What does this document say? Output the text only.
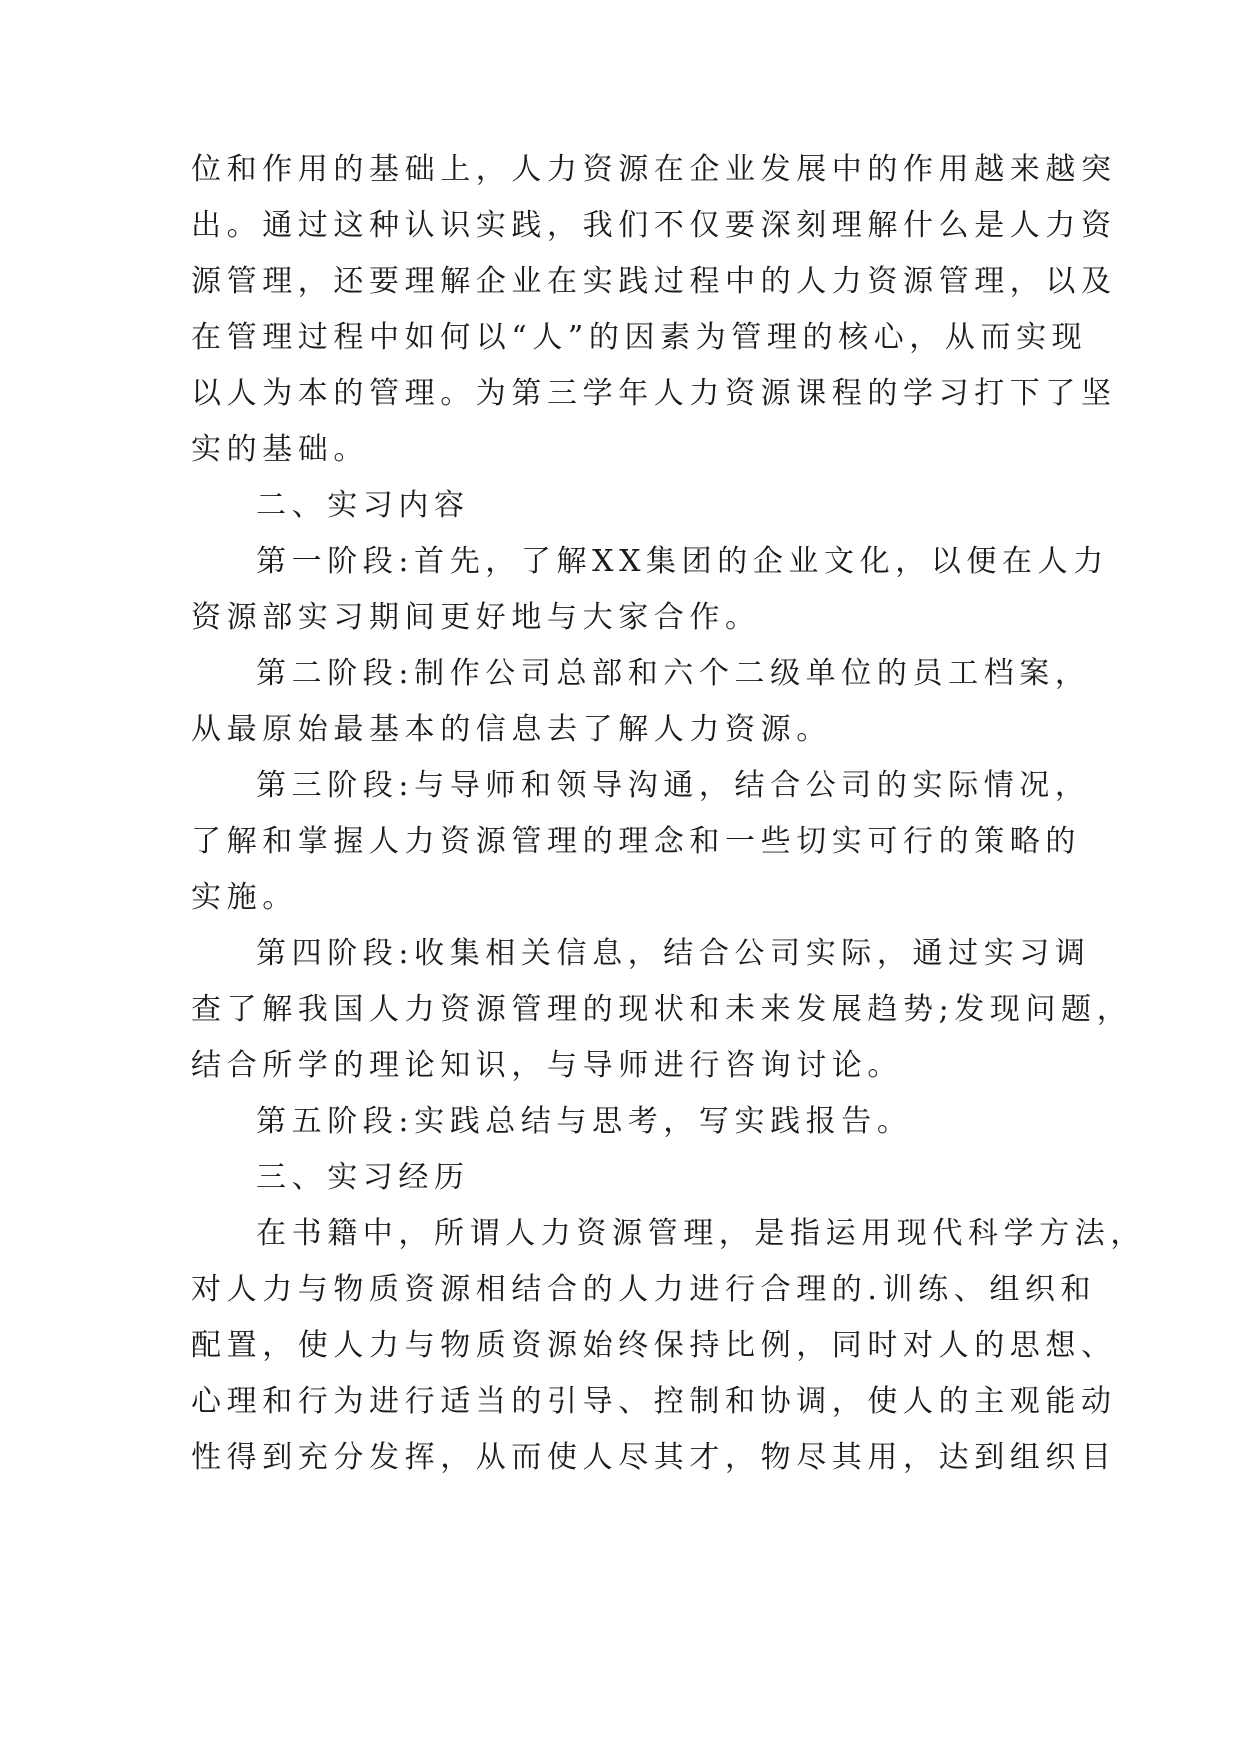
位和作用的基础上，人力资源在企业发展中的作用越来越突
出。通过这种认识实践，我们不仅要深刻理解什么是人力资
源管理，还要理解企业在实践过程中的人力资源管理，以及
在管理过程中如何以“人”的因素为管理的核心，从而实现
以人为本的管理。为第三学年人力资源课程的学习打下了坚
实的基础。
二、实习内容
第一阶段:首先，了解XX集团的企业文化，以便在人力
资源部实习期间更好地与大家合作。
第二阶段:制作公司总部和六个二级单位的员工档案，
从最原始最基本的信息去了解人力资源。
第三阶段:与导师和领导沟通，结合公司的实际情况，
了解和掌握人力资源管理的理念和一些切实可行的策略的
实施。
第四阶段:收集相关信息，结合公司实际，通过实习调
查了解我国人力资源管理的现状和未来发展趋势;发现问题，
结合所学的理论知识，与导师进行咨询讨论。
第五阶段:实践总结与思考，写实践报告。
三、实习经历
在书籍中，所谓人力资源管理，是指运用现代科学方法，
对人力与物质资源相结合的人力进行合理的.训练、组织和
配置，使人力与物质资源始终保持比例，同时对人的思想、
心理和行为进行适当的引导、控制和协调，使人的主观能动
性得到充分发挥，从而使人尽其才，物尽其用，达到组织目
